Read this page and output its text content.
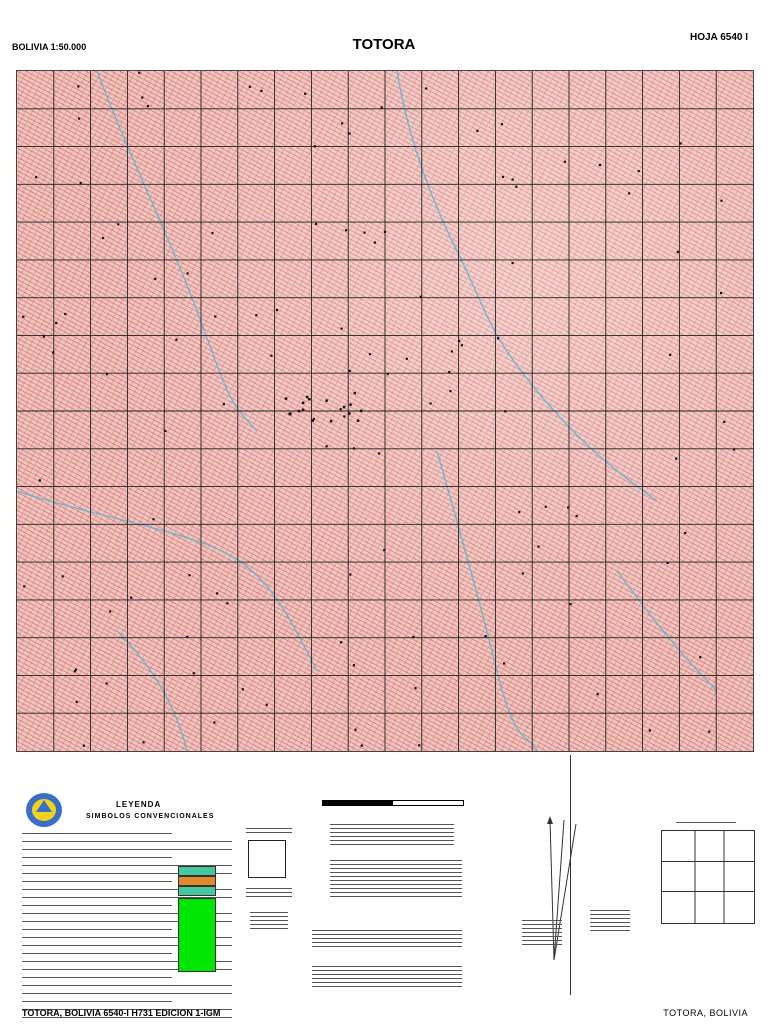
BOLIVIA 1:50.000	TOTORA	HOJA 6540 I
LEYENDA
SIMBOLOS CONVENCIONALES
TOTORA, BOLIVIA 6540-I H731 EDICION 1-IGM	TOTORA, BOLIVIA
